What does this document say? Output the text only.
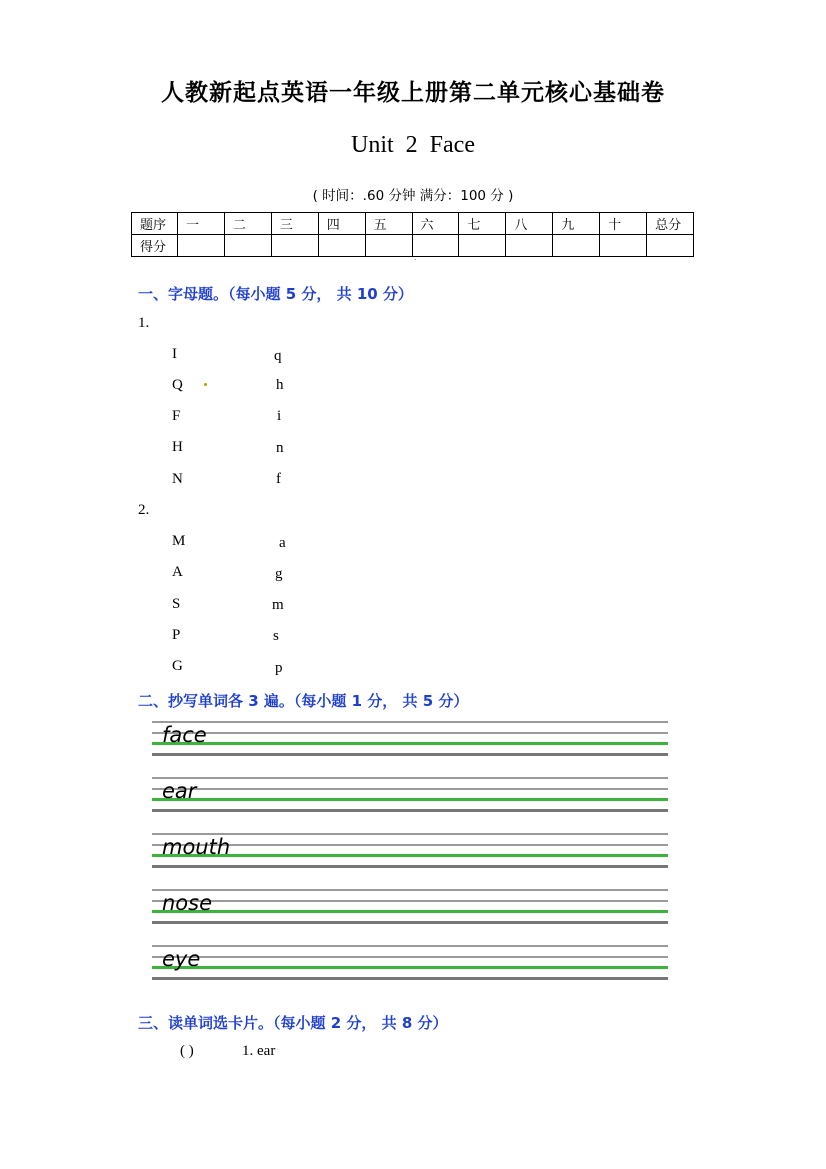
人教新起点英语一年级上册第二单元核心基础卷
Unit 2 Face
( 时间：.60 分钟 满分：100 分 )
题序	一	二	三	四	五	六	七	八	九	十	总分
得分											
.
一、字母题。（每小题 5 分， 共 10 分）
1.
I	q
Q	h
F	i
H	n
N	f
2.
M	a
A	g
S	m
P	s
G	p
二、抄写单词各 3 遍。（每小题 1 分， 共 5 分）
face
ear
mouth
nose
eye
三、读单词选卡片。（每小题 2 分， 共 8 分）
( )	1. ear
